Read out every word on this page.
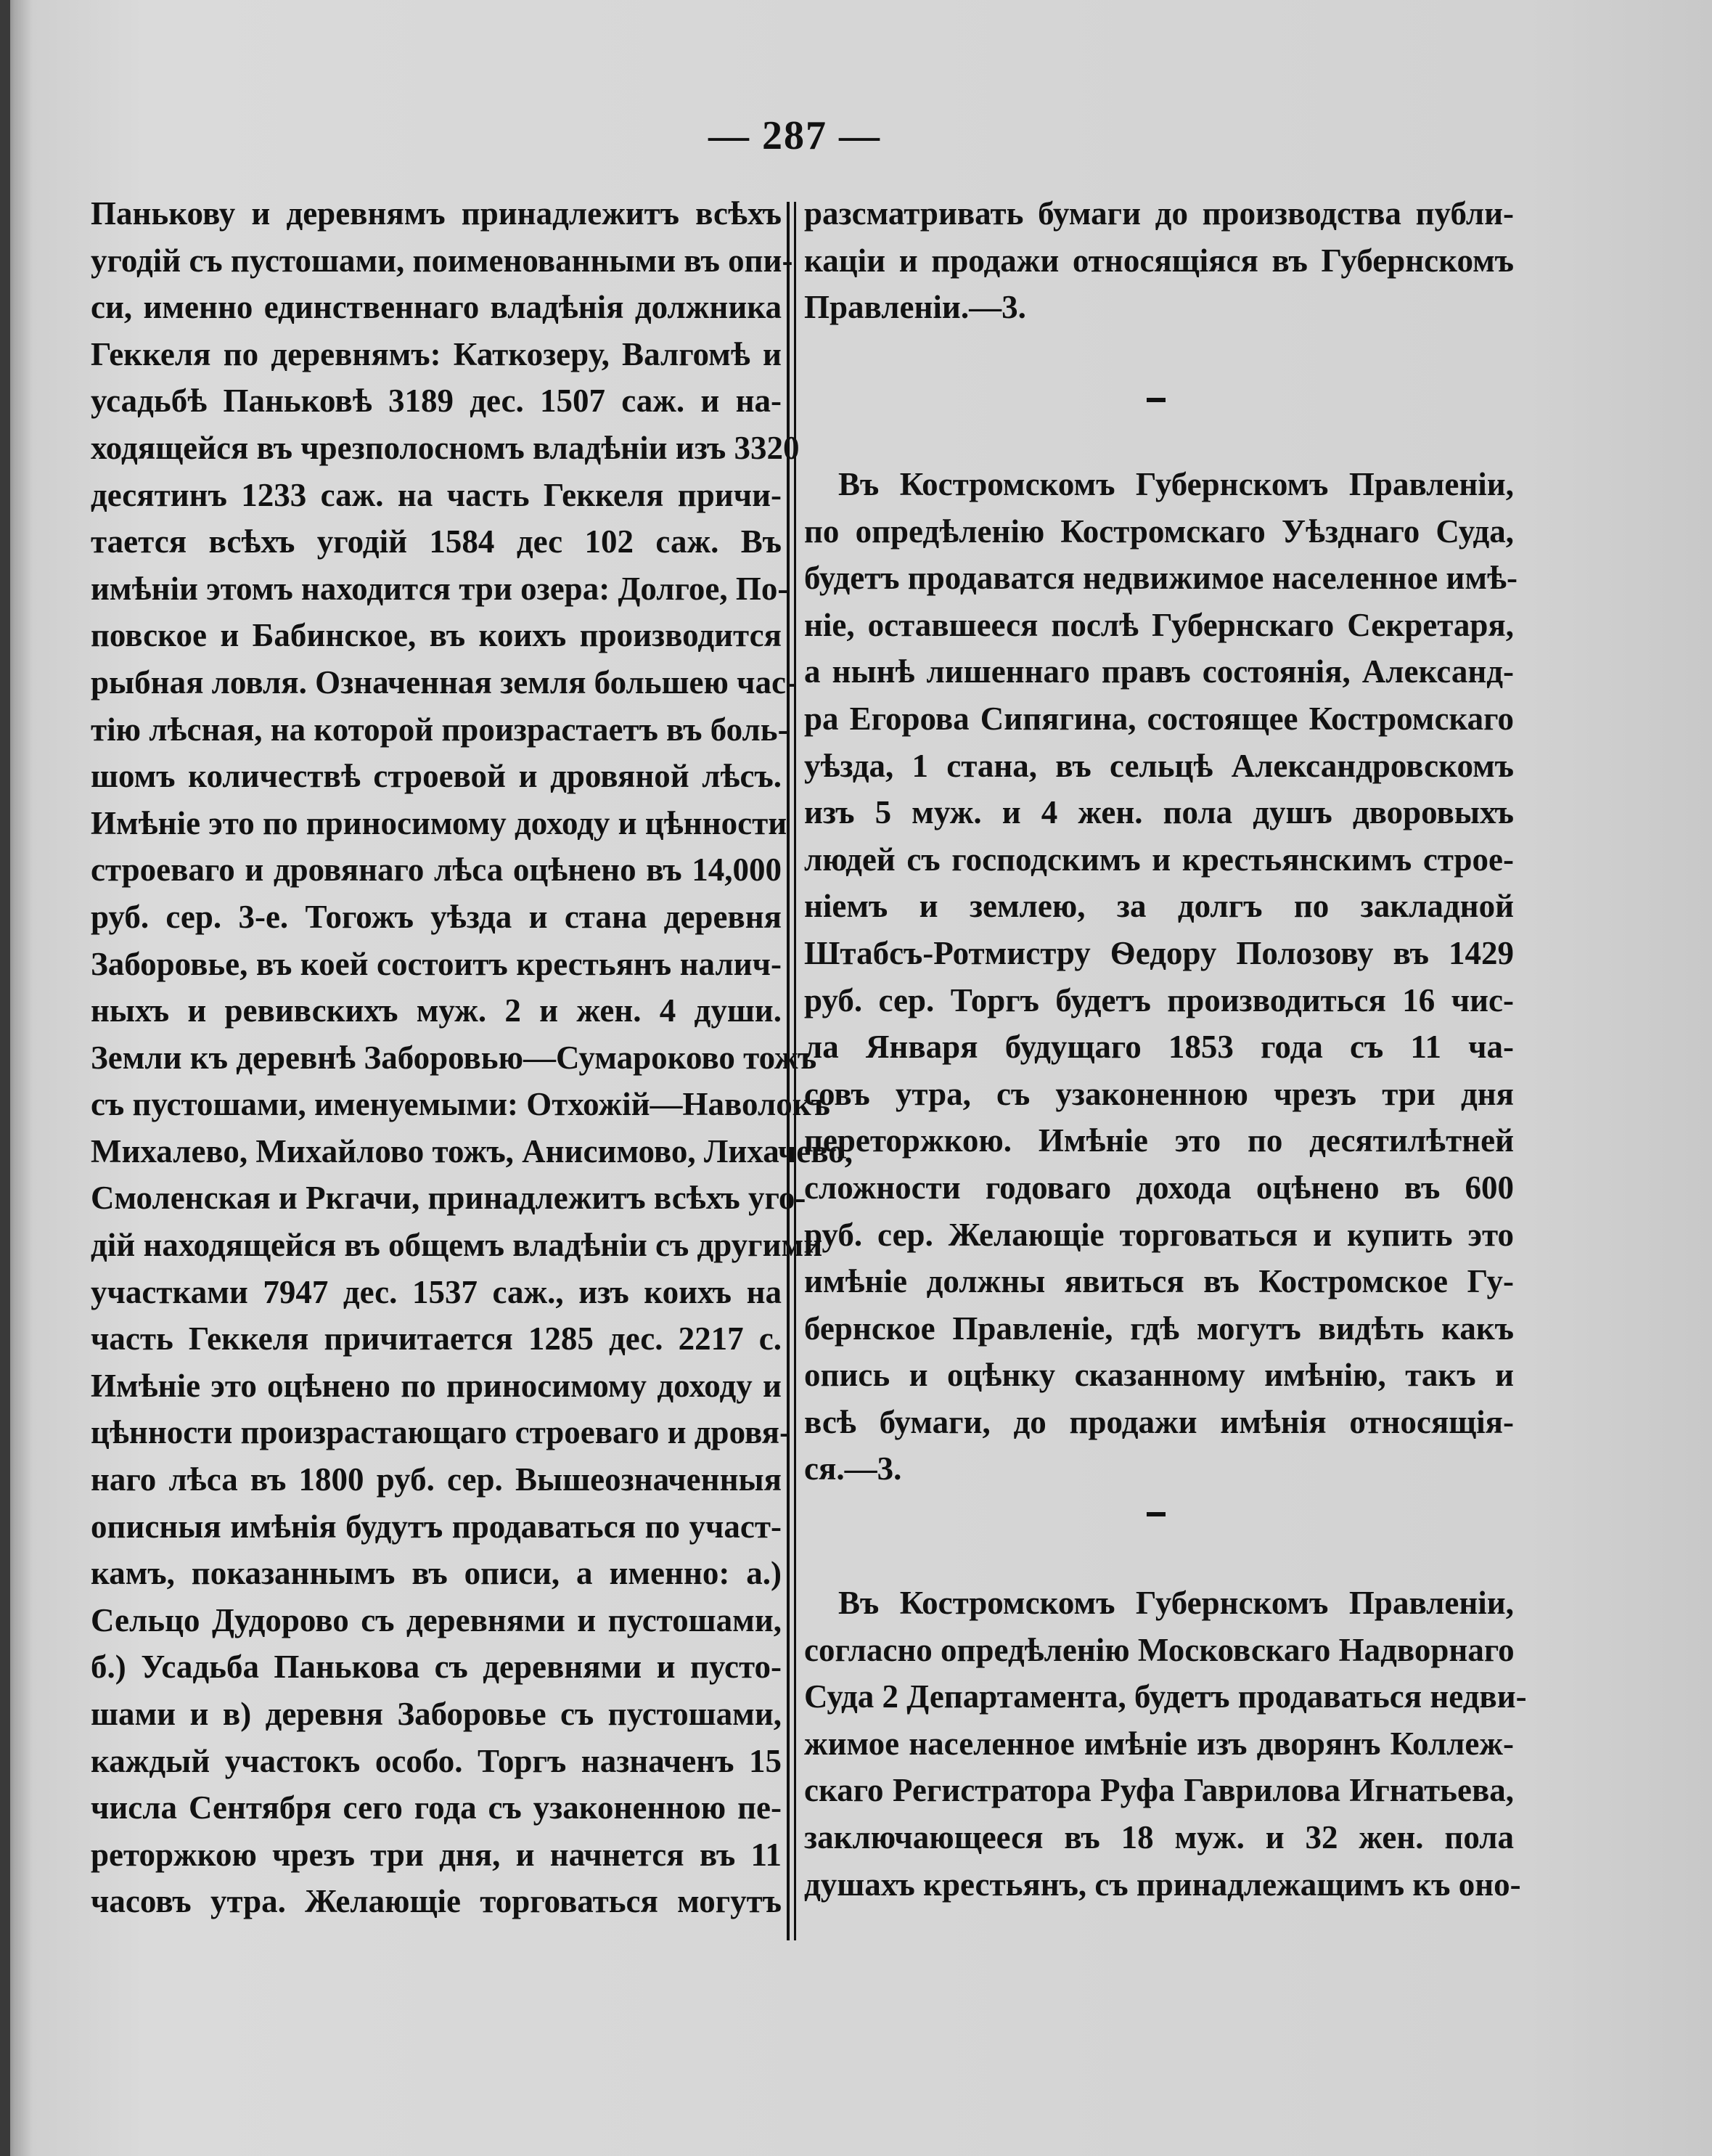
— 287 —
Панькову и деревнямъ принадлежитъ всѣхъ
угодій съ пустошами, поименованными въ опи-
си, именно единственнаго владѣнія должника
Геккеля по деревнямъ: Каткозеру, Валгомѣ и
усадьбѣ Паньковѣ 3189 дес. 1507 саж. и на-
ходящейся въ чрезполосномъ владѣніи изъ 3320
десятинъ 1233 саж. на часть Геккеля причи-
тается всѣхъ угодій 1584 дес 102 саж. Въ
имѣніи этомъ находится три озера: Долгое, По-
повское и Бабинское, въ коихъ производится
рыбная ловля. Означенная земля большею час-
тію лѣсная, на которой произрастаетъ въ боль-
шомъ количествѣ строевой и дровяной лѣсъ.
Имѣніе это по приносимому доходу и цѣнности
строеваго и дровянаго лѣса оцѣнено въ 14,000
руб. сер. 3-е. Тогожъ уѣзда и стана деревня
Заборовье, въ коей состоитъ крестьянъ налич-
ныхъ и ревивскихъ муж. 2 и жен. 4 души.
Земли къ деревнѣ Заборовью—Сумароково тожъ
съ пустошами, именуемыми: Отхожій—Наволокъ
Михалево, Михайлово тожъ, Анисимово, Лихачево,
Смоленская и Ркгачи, принадлежитъ всѣхъ уго-
дій находящейся въ общемъ владѣніи съ другими
участками 7947 дес. 1537 саж., изъ коихъ на
часть Геккеля причитается 1285 дес. 2217 с.
Имѣніе это оцѣнено по приносимому доходу и
цѣнности произрастающаго строеваго и дровя-
наго лѣса въ 1800 руб. сер. Вышеозначенныя
описныя имѣнія будутъ продаваться по участ-
камъ, показаннымъ въ описи, а именно: а.)
Сельцо Дудорово съ деревнями и пустошами,
б.) Усадьба Панькова съ деревнями и пусто-
шами и в) деревня Заборовье съ пустошами,
каждый участокъ особо. Торгъ назначенъ 15
числа Сентября сего года съ узаконенною пе-
реторжкою чрезъ три дня, и начнется въ 11
часовъ утра. Желающіе торговаться могутъ
разсматривать бумаги до производства публи-
каціи и продажи относящіяся въ Губернскомъ
Правленіи.—3.
Въ Костромскомъ Губернскомъ Правленіи,
по опредѣленію Костромскаго Уѣзднаго Суда,
будетъ продаватся недвижимое населенное имѣ-
ніе, оставшееся послѣ Губернскаго Секретаря,
а нынѣ лишеннаго правъ состоянія, Александ-
ра Егорова Сипягина, состоящее Костромскаго
уѣзда, 1 стана, въ сельцѣ Александровскомъ
изъ 5 муж. и 4 жен. пола душъ дворовыхъ
людей съ господскимъ и крестьянскимъ строе-
ніемъ и землею, за долгъ по закладной
Штабсъ-Ротмистру Ѳедору Полозову въ 1429
руб. сер. Торгъ будетъ производиться 16 чис-
ла Января будущаго 1853 года съ 11 ча-
совъ утра, съ узаконенною чрезъ три дня
переторжкою. Имѣніе это по десятилѣтней
сложности годоваго дохода оцѣнено въ 600
руб. сер. Желающіе торговаться и купить это
имѣніе должны явиться въ Костромское Гу-
бернское Правленіе, гдѣ могутъ видѣть какъ
опись и оцѣнку сказанному имѣнію, такъ и
всѣ бумаги, до продажи имѣнія относящія-
ся.—3.
Въ Костромскомъ Губернскомъ Правленіи,
согласно опредѣленію Московскаго Надворнаго
Суда 2 Департамента, будетъ продаваться недви-
жимое населенное имѣніе изъ дворянъ Коллеж-
скаго Регистратора Руфа Гаврилова Игнатьева,
заключающееся въ 18 муж. и 32 жен. пола
душахъ крестьянъ, съ принадлежащимъ къ оно-
